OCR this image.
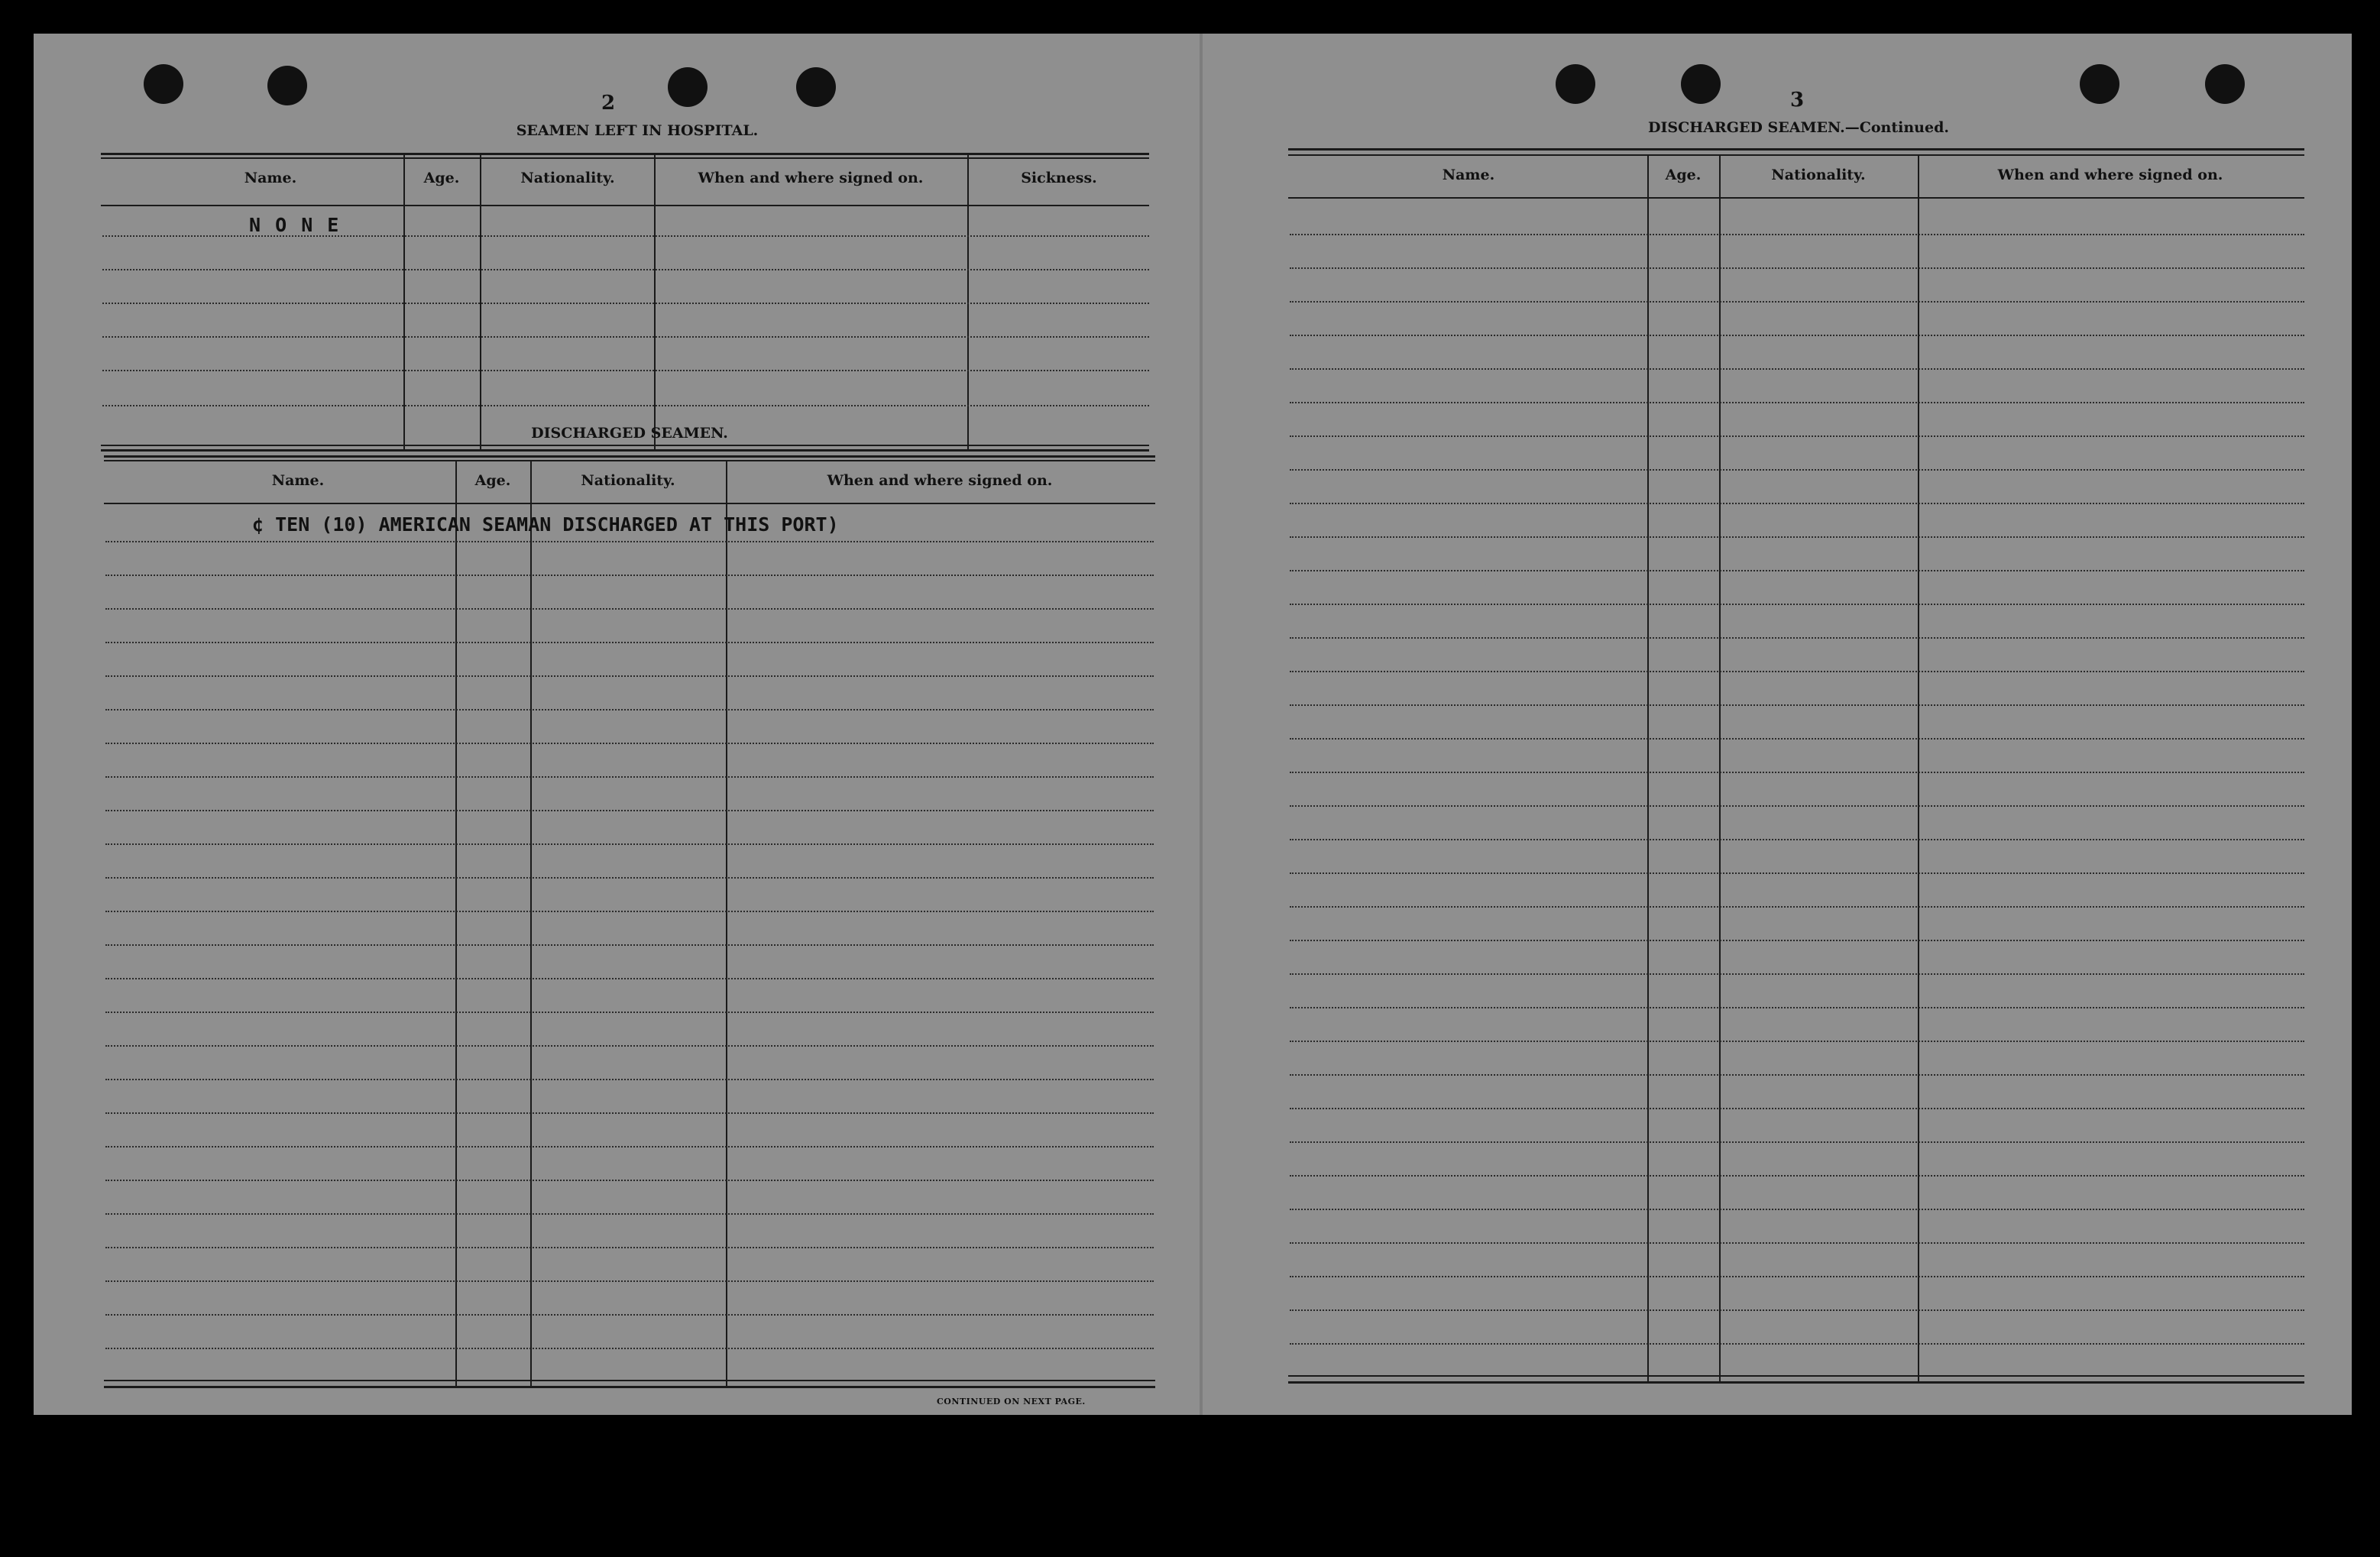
2
SEAMEN LEFT IN HOSPITAL.
Name.	Age.	Nationality.	When and where signed on.	Sickness.
N O N E
DISCHARGED SEAMEN.
Name.	Age.	Nationality.	When and where signed on.
¢ TEN (10) AMERICAN SEAMAN DISCHARGED AT THIS PORT)
CONTINUED ON NEXT PAGE.
3
DISCHARGED SEAMEN.—Continued.
Name.	Age.	Nationality.	When and where signed on.
